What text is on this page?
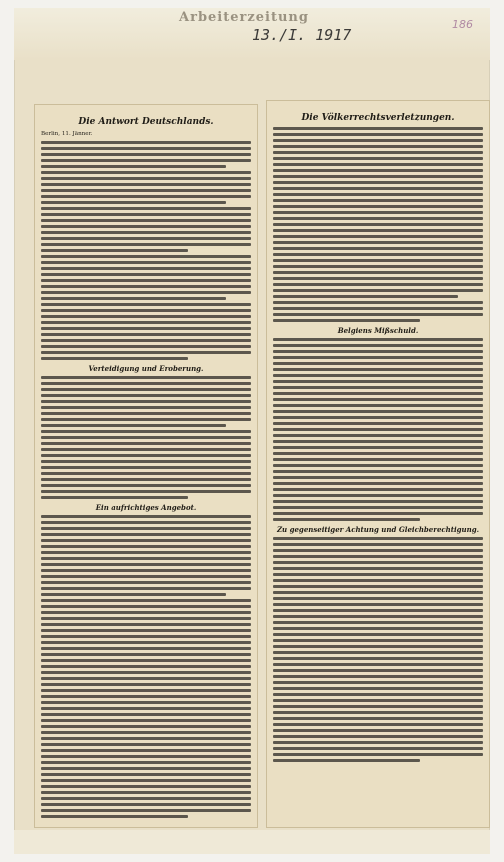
Arbeiterzeitung
13./I. 1917
186
Die Antwort Deutschlands.
Berlin, 11. Jänner.
Verteidigung und Eroberung.
Ein aufrichtiges Angebot.
Die Völkerrechtsverletzungen.
Belgiens Mißschuld.
Zu gegenseitiger Achtung und Gleichberechtigung.
